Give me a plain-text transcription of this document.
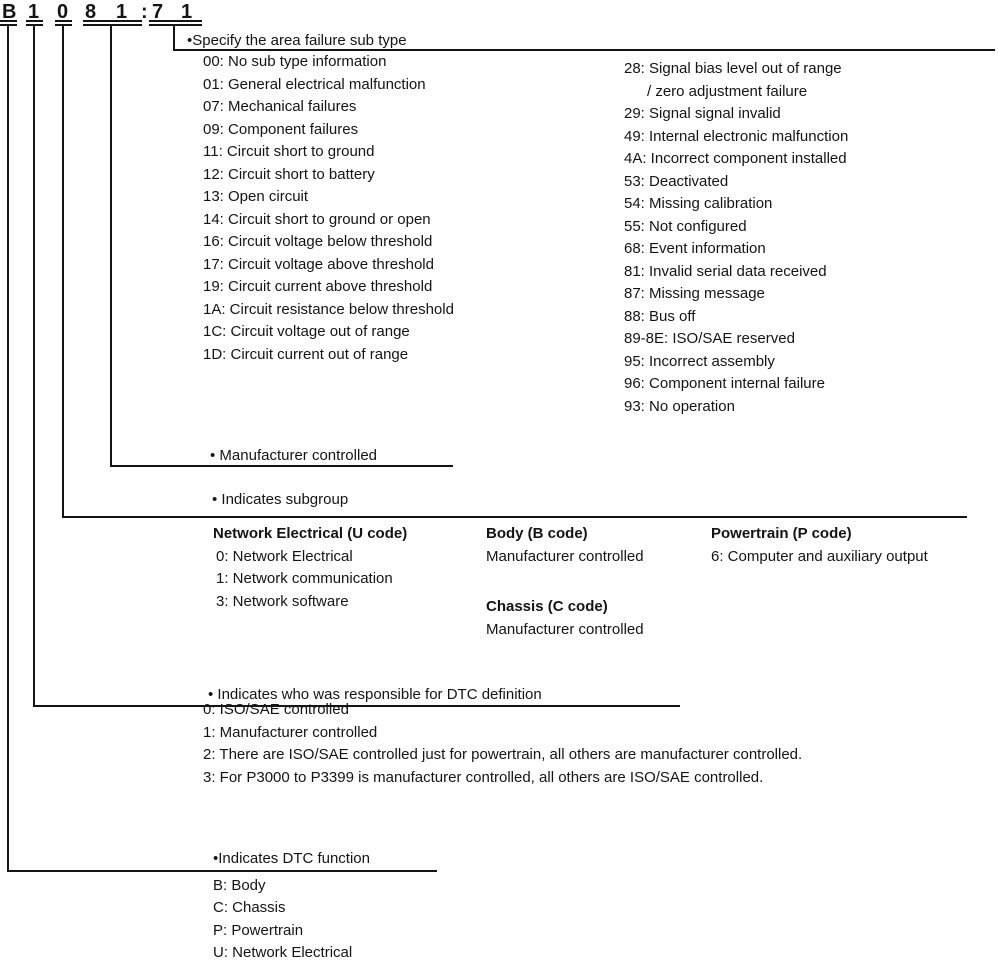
B 1 0 8 1 : 7 1
•Specify the area failure sub type
00: No sub type information
01: General electrical malfunction
07: Mechanical failures
09: Component failures
11: Circuit short to ground
12: Circuit short to battery
13: Open circuit
14: Circuit short to ground or open
16: Circuit voltage below threshold
17: Circuit voltage above threshold
19: Circuit current above threshold
1A: Circuit resistance below threshold
1C: Circuit voltage out of range
1D: Circuit current out of range
28: Signal bias level out of range
/ zero adjustment failure
29: Signal signal invalid
49: Internal electronic malfunction
4A: Incorrect component installed
53: Deactivated
54: Missing calibration
55: Not configured
68: Event information
81: Invalid serial data received
87: Missing message
88: Bus off
89-8E: ISO/SAE reserved
95: Incorrect assembly
96: Component internal failure
93: No operation
• Manufacturer controlled
• Indicates subgroup
Network Electrical (U code)
0: Network Electrical
1: Network communication
3: Network software
Body (B code)
Manufacturer controlled
Chassis (C code)
Manufacturer controlled
Powertrain (P code)
6: Computer and auxiliary output
• Indicates who was responsible for DTC definition
0: ISO/SAE controlled
1: Manufacturer controlled
2: There are ISO/SAE controlled just for powertrain, all others are manufacturer controlled.
3: For P3000 to P3399 is manufacturer controlled, all others are ISO/SAE controlled.
•Indicates DTC function
B: Body
C: Chassis
P: Powertrain
U: Network Electrical
